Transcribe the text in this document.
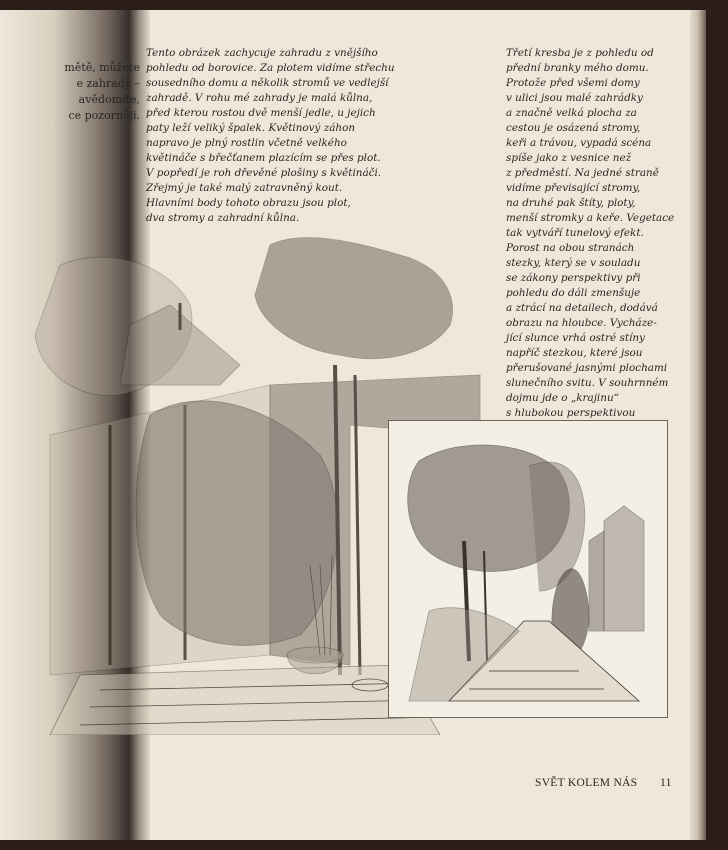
mětě, můžete
e zahrady –
avědomíte,
ce pozorněji.
Tento obrázek zachycuje zahradu z vnějšího
pohledu od borovice. Za plotem vidíme střechu
sousedního domu a několik stromů ve vedlejší
zahradě. V rohu mé zahrady je malá kůlna,
před kterou rostou dvě menší jedle, u jejich
paty leží veliký špalek. Květinový záhon
napravo je plný rostlin včetně velkého
květináče s břečťanem plazícím se přes plot.
V popředí je roh dřevěné plošiny s květináči.
Zřejmý je také malý zatravněný kout.
Hlavními body tohoto obrazu jsou plot,
dva stromy a zahradní kůlna.
Třetí kresba je z pohledu od
přední branky mého domu.
Protože před všemi domy
v ulici jsou malé zahrádky
a značně velká plocha za
cestou je osázená stromy,
keři a trávou, vypadá scéna
spíše jako z vesnice než
z předměstí. Na jedné straně
vidíme převisající stromy,
na druhé pak štíty, ploty,
menší stromky a keře. Vegetace
tak vytváří tunelový efekt.
Porost na obou stranách
stezky, který se v souladu
se zákony perspektivy při
pohledu do dáli zmenšuje
a ztrácí na detailech, dodává
obrazu na hloubce. Vycháze-
jící slunce vrhá ostré stíny
napříč stezkou, které jsou
přerušované jasnými plochami
slunečního svitu. V souhrnném
dojmu jde o „krajinu“
s hlubokou perspektivou
SVĚT KOLEM NÁS 11
